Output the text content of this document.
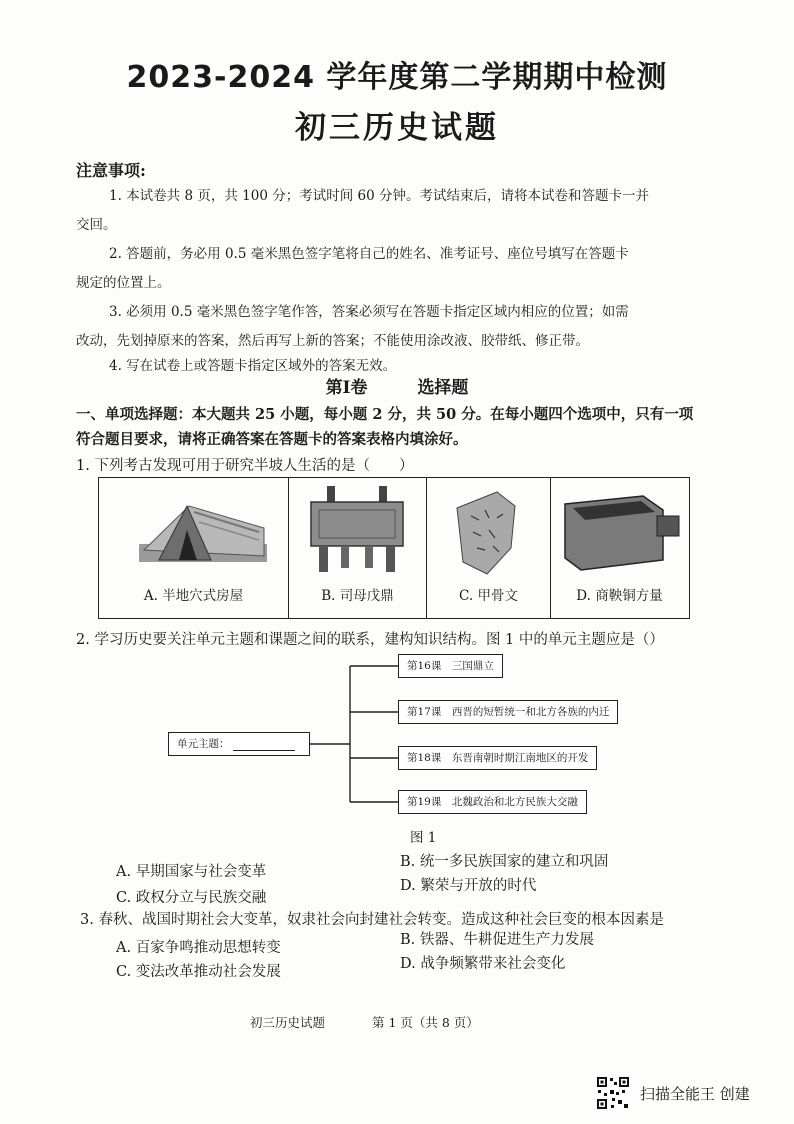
2023-2024 学年度第二学期期中检测
初三历史试题
注意事项:
1. 本试卷共 8 页，共 100 分；考试时间 60 分钟。考试结束后，请将本试卷和答题卡一并
交回。
2. 答题前，务必用 0.5 毫米黑色签字笔将自己的姓名、准考证号、座位号填写在答题卡
规定的位置上。
3. 必须用 0.5 毫米黑色签字笔作答，答案必须写在答题卡指定区域内相应的位置；如需
改动，先划掉原来的答案，然后再写上新的答案；不能使用涂改液、胶带纸、修正带。
4. 写在试卷上或答题卡指定区域外的答案无效。
第Ⅰ卷	选择题
一、单项选择题：本大题共 25 小题，每小题 2 分，共 50 分。在每小题四个选项中，只有一项
符合题目要求，请将正确答案在答题卡的答案表格内填涂好。
1. 下列考古发现可用于研究半坡人生活的是（　　）
A. 半地穴式房屋	B. 司母戊鼎	C. 甲骨文	D. 商鞅铜方量
2. 学习历史要关注单元主题和课题之间的联系，建构知识结构。图 1 中的单元主题应是（）
单元主题：
第16课　三国鼎立
第17课　西晋的短暂统一和北方各族的内迁
第18课　东晋南朝时期江南地区的开发
第19课　北魏政治和北方民族大交融
图 1
A. 早期国家与社会变革
B. 统一多民族国家的建立和巩固
C. 政权分立与民族交融
D. 繁荣与开放的时代
3. 春秋、战国时期社会大变革，奴隶社会向封建社会转变。造成这种社会巨变的根本因素是
A. 百家争鸣推动思想转变	B. 铁器、牛耕促进生产力发展
C. 变法改革推动社会发展	D. 战争频繁带来社会变化
初三历史试题	第 1 页（共 8 页）
扫描全能王 创建
